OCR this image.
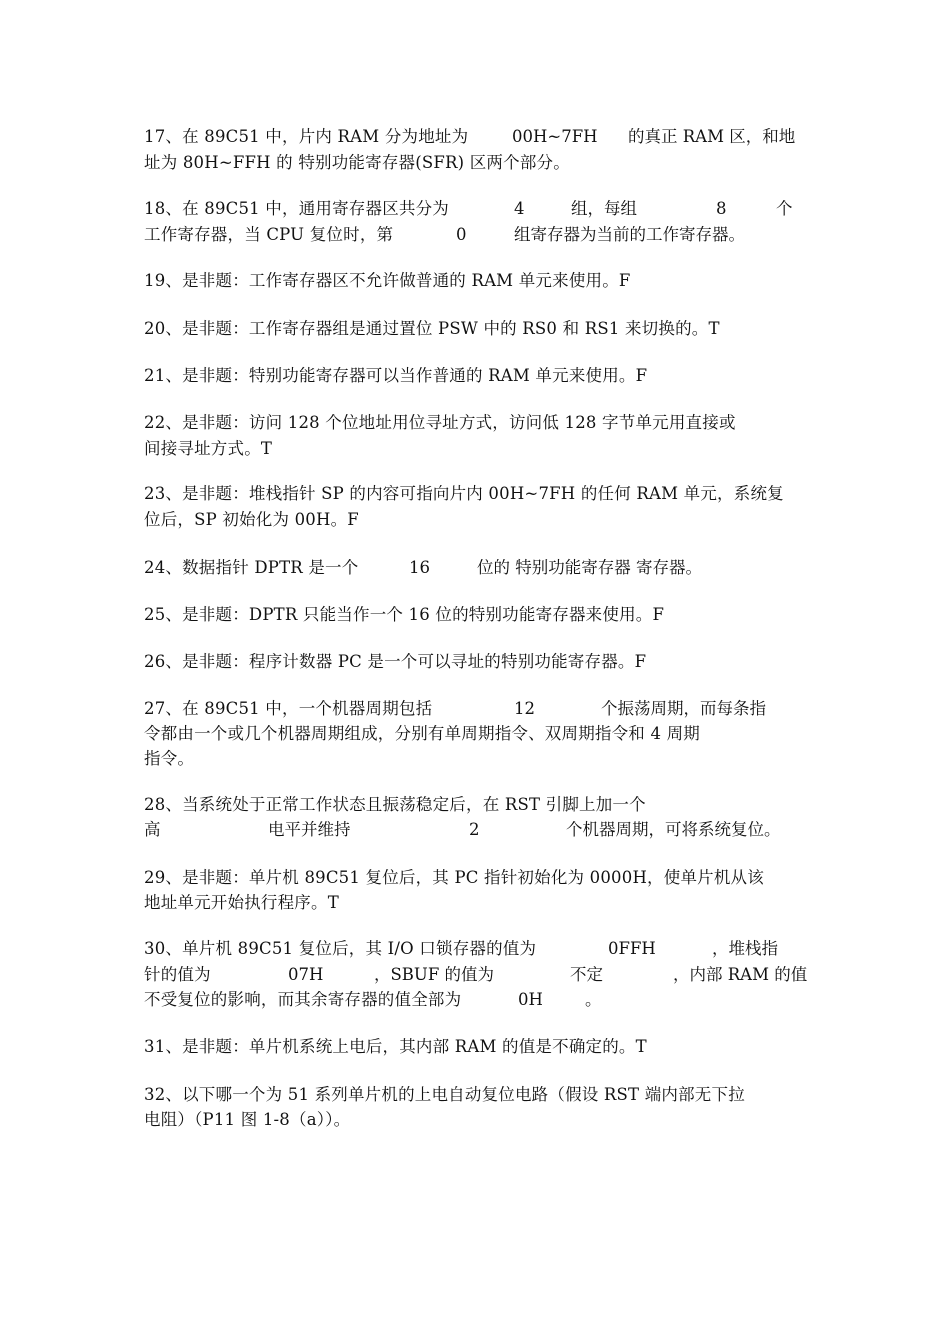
17、在 89C51 中，片内 RAM 分为地址为	00H~7FH 的真正 RAM 区，和地
址为 80H~FFH 的 特别功能寄存器(SFR) 区两个部分。
18、在 89C51 中，通用寄存器区共分为	4	组，每组	8	个
工作寄存器，当 CPU 复位时，第	0	组寄存器为当前的工作寄存器。
19、是非题：工作寄存器区不允许做普通的 RAM 单元来使用。F
20、是非题：工作寄存器组是通过置位 PSW 中的 RS0 和 RS1 来切换的。T
21、是非题：特别功能寄存器可以当作普通的 RAM 单元来使用。F
22、是非题：访问 128 个位地址用位寻址方式，访问低 128 字节单元用直接或
间接寻址方式。T
23、是非题：堆栈指针 SP 的内容可指向片内 00H~7FH 的任何 RAM 单元，系统复
位后，SP 初始化为 00H。F
24、数据指针 DPTR 是一个	16	位的 特别功能寄存器 寄存器。
25、是非题：DPTR 只能当作一个 16 位的特别功能寄存器来使用。F
26、是非题：程序计数器 PC 是一个可以寻址的特别功能寄存器。F
27、在 89C51 中，一个机器周期包括	12	个振荡周期，而每条指
令都由一个或几个机器周期组成，分别有单周期指令、双周期指令和 4 周期
指令。
28、当系统处于正常工作状态且振荡稳定后，在 RST 引脚上加一个
高	电平并维持	2	个机器周期，可将系统复位。
29、是非题：单片机 89C51 复位后，其 PC 指针初始化为 0000H，使单片机从该
地址单元开始执行程序。T
30、单片机 89C51 复位后，其 I/O 口锁存器的值为	0FFH	，堆栈指
针的值为	07H	，SBUF 的值为	不定	，内部 RAM 的值
不受复位的影响，而其余寄存器的值全部为	0H	。
31、是非题：单片机系统上电后，其内部 RAM 的值是不确定的。T
32、以下哪一个为 51 系列单片机的上电自动复位电路（假设 RST 端内部无下拉
电阻）（P11 图 1-8（a））。
